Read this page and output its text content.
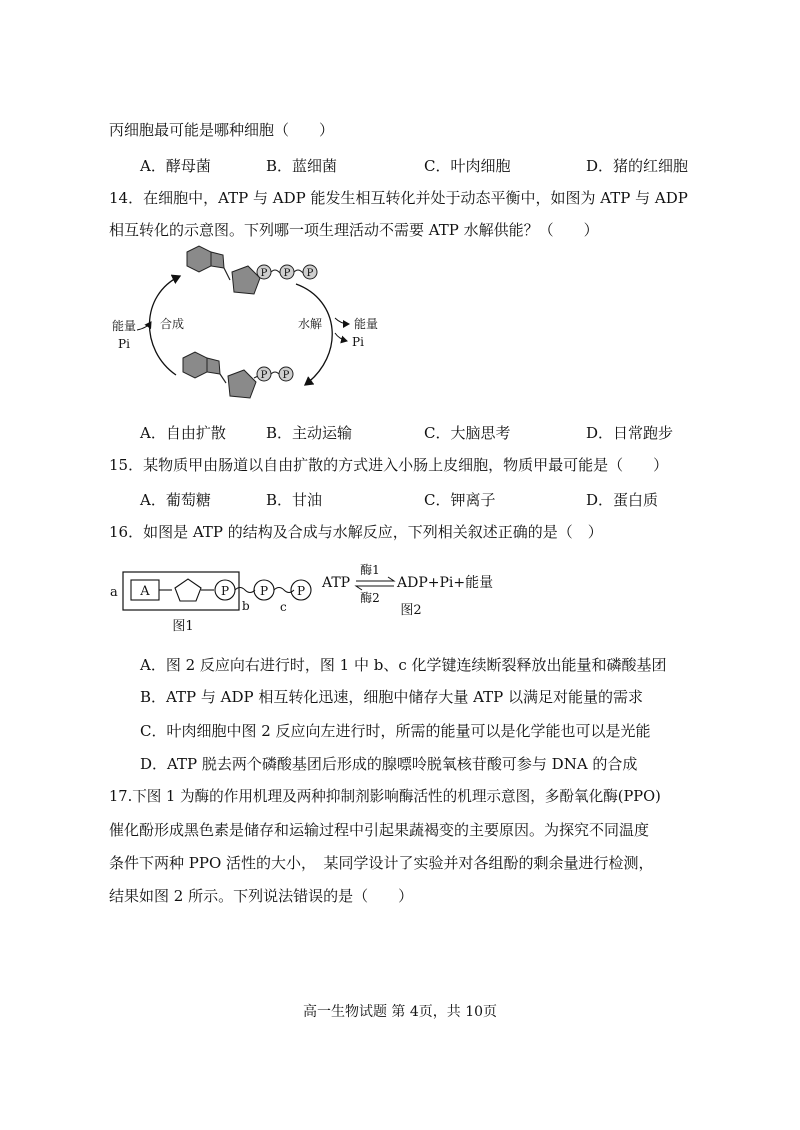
丙细胞最可能是哪种细胞（　　）
A．酵母菌	B．蓝细菌	C．叶肉细胞	D．猪的红细胞
14．在细胞中，ATP 与 ADP 能发生相互转化并处于动态平衡中，如图为 ATP 与 ADP
相互转化的示意图。下列哪一项生理活动不需要 ATP 水解供能？（　　）
P P P
P P
能量
Pi
合成	水解	能量
Pi
A．自由扩散	B．主动运输	C．大脑思考	D．日常跑步
15．某物质甲由肠道以自由扩散的方式进入小肠上皮细胞，物质甲最可能是（　　）
A．葡萄糖	B．甘油	C．钾离子	D．蛋白质
16．如图是 ATP 的结构及合成与水解反应，下列相关叙述正确的是（　）
a A	P	P P
b	c
图1
ATP
酶1
酶2
ADP+Pi+能量
图2
A．图 2 反应向右进行时，图 1 中 b、c 化学键连续断裂释放出能量和磷酸基团
B．ATP 与 ADP 相互转化迅速，细胞中储存大量 ATP 以满足对能量的需求
C．叶肉细胞中图 2 反应向左进行时，所需的能量可以是化学能也可以是光能
D．ATP 脱去两个磷酸基团后形成的腺嘌呤脱氧核苷酸可参与 DNA 的合成
17.下图 1 为酶的作用机理及两种抑制剂影响酶活性的机理示意图，多酚氧化酶(PPO)
催化酚形成黑色素是储存和运输过程中引起果蔬褐变的主要原因。为探究不同温度
条件下两种 PPO 活性的大小，　某同学设计了实验并对各组酚的剩余量进行检测，
结果如图 2 所示。下列说法错误的是（　　）
高一生物试题 第 4页，共 10页
